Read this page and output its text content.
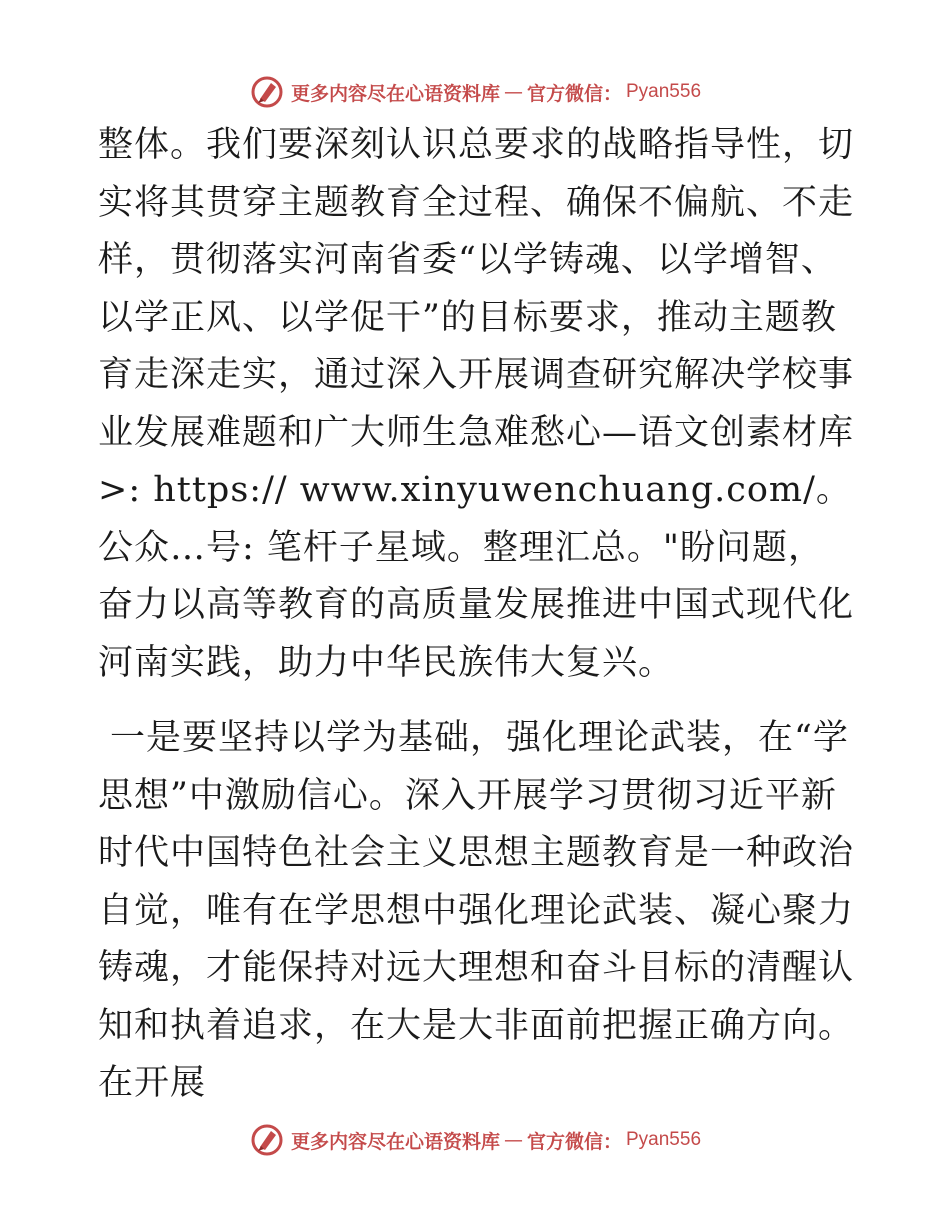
更多内容尽在心语资料库 — 官方微信： Pyan556

整体。我们要深刻认识总要求的战略指导性，切实将其贯穿主题教育全过程、确保不偏航、不走样，贯彻落实河南省委“以学铸魂、以学增智、以学正风、以学促干”的目标要求，推动主题教育走深走实，通过深入开展调查研究解决学校事业发展难题和广大师生急难愁心—语文创素材库>: https:// www.xinyuwenchuang.com/。公众…号: 笔杆子星域。整理汇总。"盼问题，奋力以高等教育的高质量发展推进中国式现代化河南实践，助力中华民族伟大复兴。

一是要坚持以学为基础，强化理论武装，在“学思想”中激励信心。深入开展学习贯彻习近平新时代中国特色社会主义思想主题教育是一种政治自觉，唯有在学思想中强化理论武装、凝心聚力铸魂，才能保持对远大理想和奋斗目标的清醒认知和执着追求，在大是大非面前把握正确方向。在开展

更多内容尽在心语资料库 — 官方微信： Pyan556
